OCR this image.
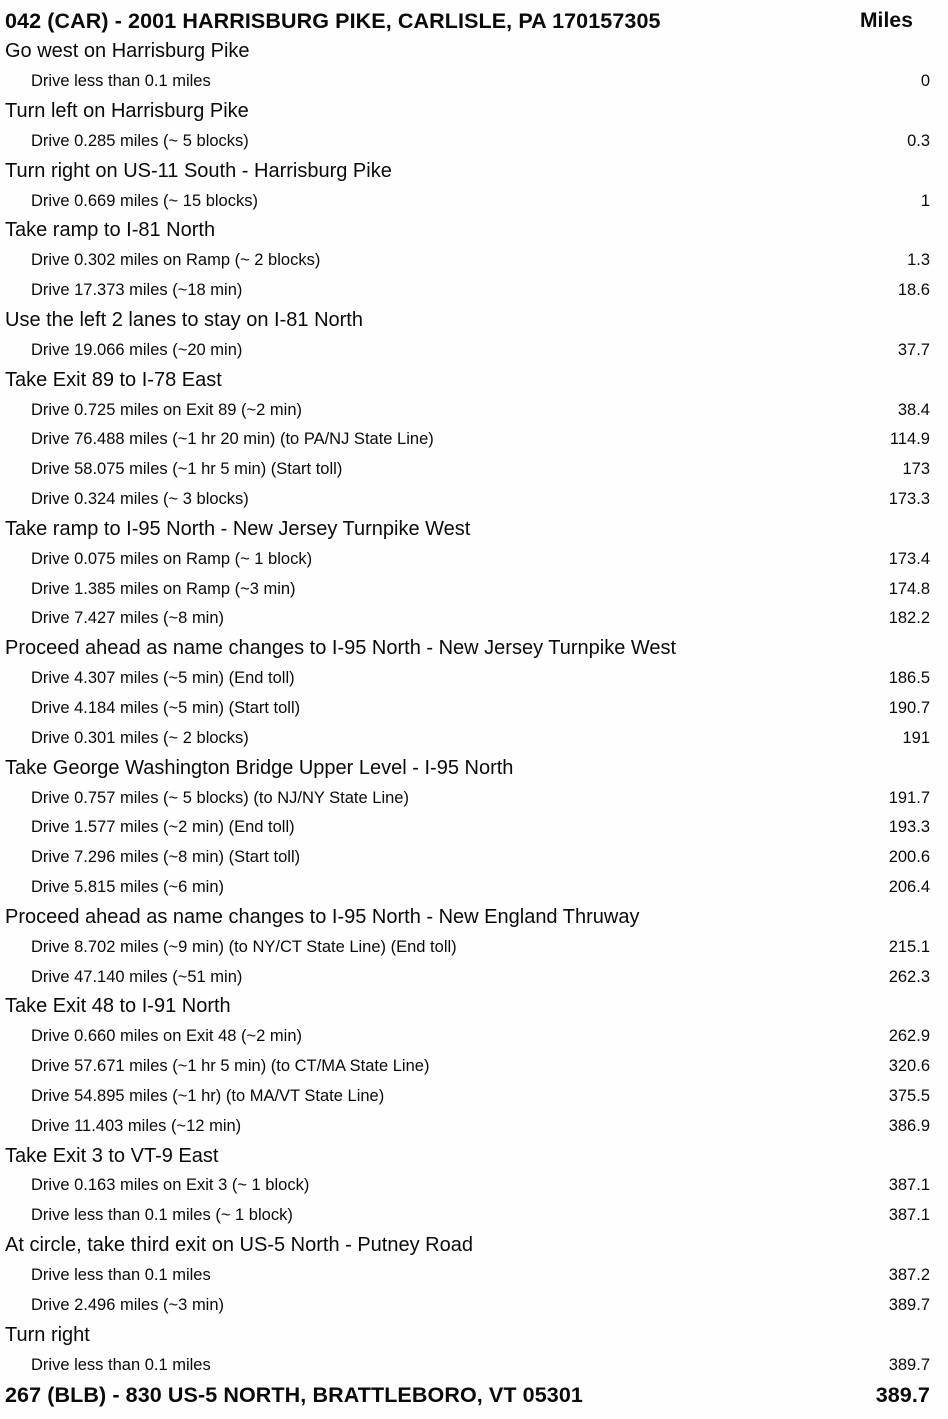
042 (CAR) - 2001 HARRISBURG PIKE, CARLISLE, PA 170157305	Miles
Go west on Harrisburg Pike
Drive less than 0.1 miles	0
Turn left on Harrisburg Pike
Drive 0.285 miles (~ 5 blocks)	0.3
Turn right on US-11 South - Harrisburg Pike
Drive 0.669 miles (~ 15 blocks)	1
Take ramp to I-81 North
Drive 0.302 miles on Ramp (~ 2 blocks)	1.3
Drive 17.373 miles (~18 min)	18.6
Use the left 2 lanes to stay on I-81 North
Drive 19.066 miles (~20 min)	37.7
Take Exit 89 to I-78 East
Drive 0.725 miles on Exit 89 (~2 min)	38.4
Drive 76.488 miles (~1 hr 20 min) (to PA/NJ State Line)	114.9
Drive 58.075 miles (~1 hr 5 min) (Start toll)	173
Drive 0.324 miles (~ 3 blocks)	173.3
Take ramp to I-95 North - New Jersey Turnpike West
Drive 0.075 miles on Ramp (~ 1 block)	173.4
Drive 1.385 miles on Ramp (~3 min)	174.8
Drive 7.427 miles (~8 min)	182.2
Proceed ahead as name changes to I-95 North - New Jersey Turnpike West
Drive 4.307 miles (~5 min) (End toll)	186.5
Drive 4.184 miles (~5 min) (Start toll)	190.7
Drive 0.301 miles (~ 2 blocks)	191
Take George Washington Bridge Upper Level - I-95 North
Drive 0.757 miles (~ 5 blocks) (to NJ/NY State Line)	191.7
Drive 1.577 miles (~2 min) (End toll)	193.3
Drive 7.296 miles (~8 min) (Start toll)	200.6
Drive 5.815 miles (~6 min)	206.4
Proceed ahead as name changes to I-95 North - New England Thruway
Drive 8.702 miles (~9 min) (to NY/CT State Line) (End toll)	215.1
Drive 47.140 miles (~51 min)	262.3
Take Exit 48 to I-91 North
Drive 0.660 miles on Exit 48 (~2 min)	262.9
Drive 57.671 miles (~1 hr 5 min) (to CT/MA State Line)	320.6
Drive 54.895 miles (~1 hr) (to MA/VT State Line)	375.5
Drive 11.403 miles (~12 min)	386.9
Take Exit 3 to VT-9 East
Drive 0.163 miles on Exit 3 (~ 1 block)	387.1
Drive less than 0.1 miles (~ 1 block)	387.1
At circle, take third exit on US-5 North - Putney Road
Drive less than 0.1 miles	387.2
Drive 2.496 miles (~3 min)	389.7
Turn right
Drive less than 0.1 miles	389.7
267 (BLB) - 830 US-5 NORTH, BRATTLEBORO, VT 05301	389.7
